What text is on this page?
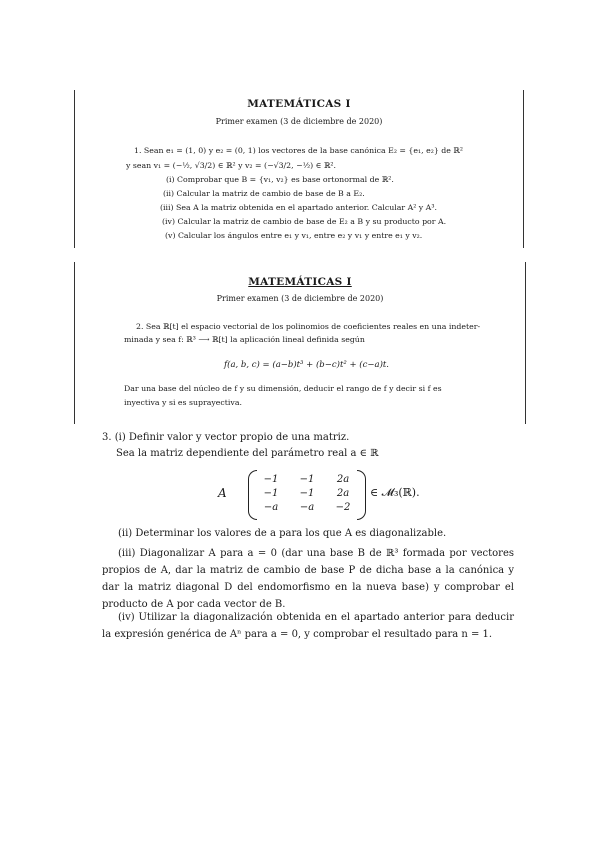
MATEMÁTICAS I
Primer examen (3 de diciembre de 2020)
1. Sean e₁ = (1, 0) y e₂ = (0, 1) los vectores de la base canónica E₂ = {e₁, e₂} de ℝ²
y sean v₁ = (−½, √3/2) ∈ ℝ² y v₂ = (−√3/2, −½) ∈ ℝ².
(i) Comprobar que B = {v₁, v₂} es base ortonormal de ℝ².
(ii) Calcular la matriz de cambio de base de B a E₂.
(iii) Sea A la matriz obtenida en el apartado anterior. Calcular A² y A³.
(iv) Calcular la matriz de cambio de base de E₂ a B y su producto por A.
(v) Calcular los ángulos entre e₁ y v₁, entre e₂ y v₁ y entre e₁ y v₂.
MATEMÁTICAS I
Primer examen (3 de diciembre de 2020)
2. Sea ℝ[t] el espacio vectorial de los polinomios de coeficientes reales en una indeter-
minada y sea f: ℝ³ ⟶ ℝ[t] la aplicación lineal definida según
f(a, b, c) = (a−b)t³ + (b−c)t² + (c−a)t.
Dar una base del núcleo de f y su dimensión, deducir el rango de f y decir si f es
inyectiva y si es suprayectiva.
3. (i) Definir valor y vector propio de una matriz.
Sea la matriz dependiente del parámetro real a ∈ ℝ
A
−1	−1	2a
−1	−1	2a
−a	−a	−2
∈ 𝓜₃(ℝ).
(ii) Determinar los valores de a para los que A es diagonalizable.
(iii) Diagonalizar A para a = 0 (dar una base B de ℝ³ formada por vectores propios de A, dar la matriz de cambio de base P de dicha base a la canónica y dar la matriz diagonal D del endomorfismo en la nueva base) y comprobar el producto de A por cada vector de B.
(iv) Utilizar la diagonalización obtenida en el apartado anterior para deducir la expresión genérica de Aⁿ para a = 0, y comprobar el resultado para n = 1.
